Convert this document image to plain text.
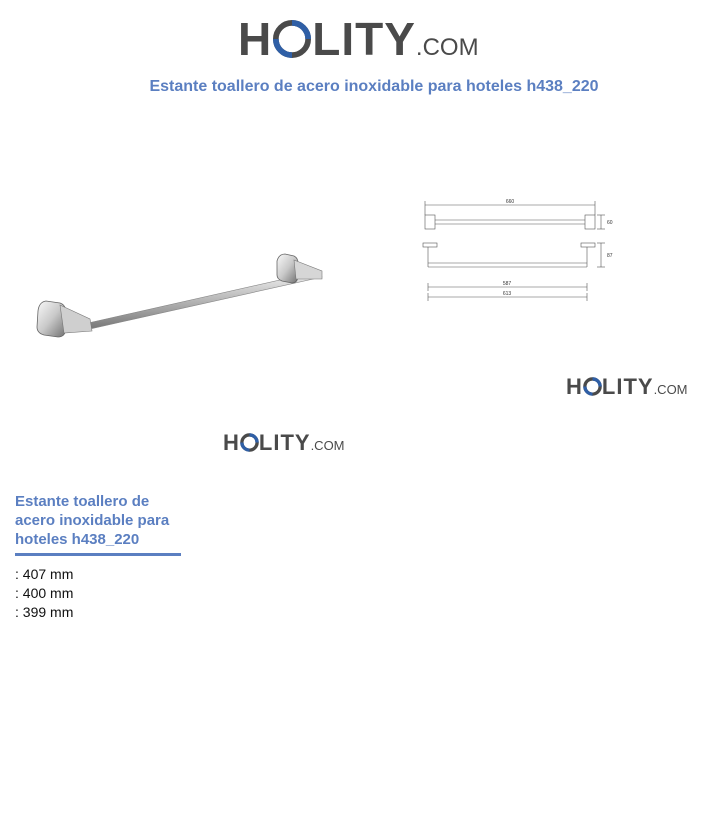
H LITY .COM
Estante toallero de acero inoxidable para hoteles h438_220
660
60
87
587
613
H LITY .COM
H LITY .COM
Estante toallero de acero inoxidable para hoteles h438_220
: 407 mm
: 400 mm
: 399 mm
